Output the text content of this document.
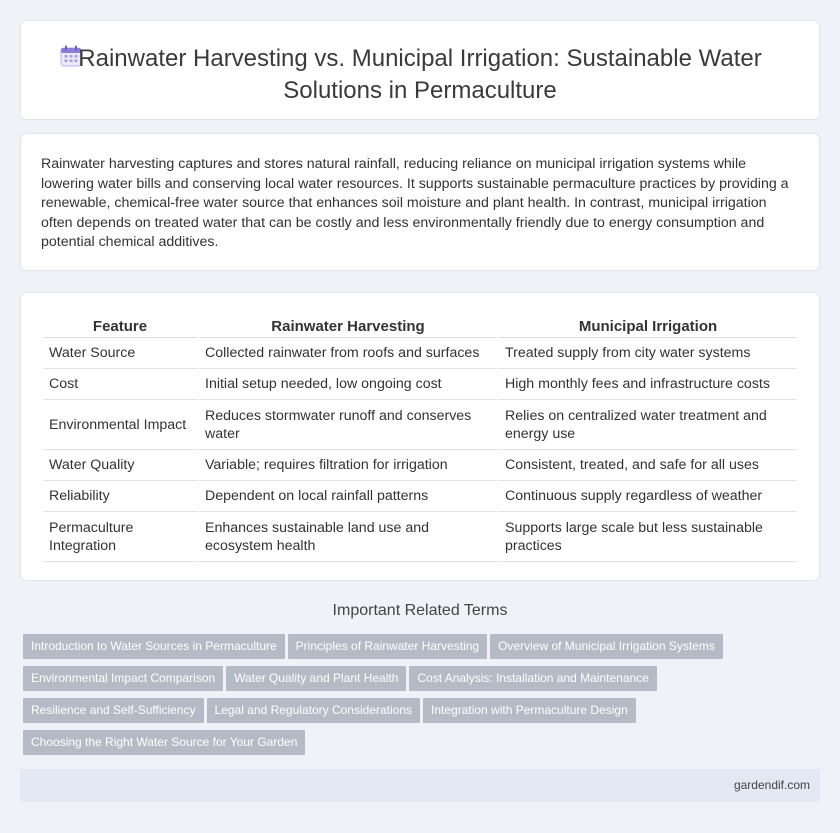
Rainwater Harvesting vs. Municipal Irrigation: Sustainable Water Solutions in Permaculture

Rainwater harvesting captures and stores natural rainfall, reducing reliance on municipal irrigation systems while lowering water bills and conserving local water resources. It supports sustainable permaculture practices by providing a renewable, chemical-free water source that enhances soil moisture and plant health. In contrast, municipal irrigation often depends on treated water that can be costly and less environmentally friendly due to energy consumption and potential chemical additives.

Feature	Rainwater Harvesting	Municipal Irrigation
Water Source	Collected rainwater from roofs and surfaces	Treated supply from city water systems
Cost	Initial setup needed, low ongoing cost	High monthly fees and infrastructure costs
Environmental Impact	Reduces stormwater runoff and conserves water	Relies on centralized water treatment and energy use
Water Quality	Variable; requires filtration for irrigation	Consistent, treated, and safe for all uses
Reliability	Dependent on local rainfall patterns	Continuous supply regardless of weather
Permaculture Integration	Enhances sustainable land use and ecosystem health	Supports large scale but less sustainable practices
Important Related Terms
Introduction to Water Sources in Permaculture Principles of Rainwater Harvesting Overview of Municipal Irrigation Systems
Environmental Impact Comparison Water Quality and Plant Health Cost Analysis: Installation and Maintenance
Resilience and Self-Sufficiency Legal and Regulatory Considerations Integration with Permaculture Design
Choosing the Right Water Source for Your Garden
gardendif.com
